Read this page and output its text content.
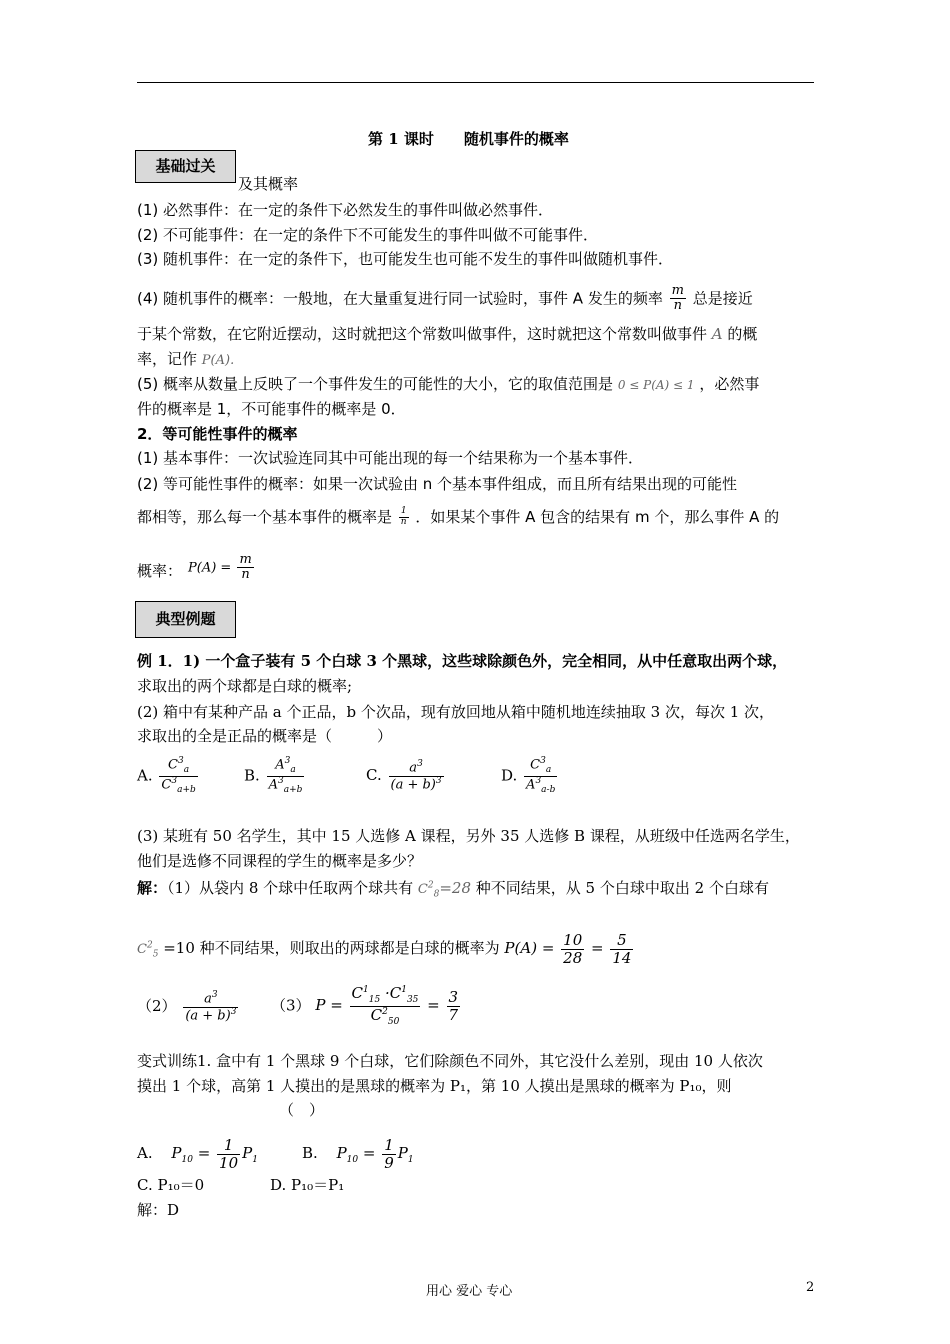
第 1 课时　　随机事件的概率
基础过关
及其概率
(1) 必然事件：在一定的条件下必然发生的事件叫做必然事件．
(2) 不可能事件：在一定的条件下不可能发生的事件叫做不可能事件．
(3) 随机事件：在一定的条件下，也可能发生也可能不发生的事件叫做随机事件．
(4) 随机事件的概率：一般地，在大量重复进行同一试验时，事件 A 发生的频率 $\frac{m}{n}$ 总是接近
于某个常数，在它附近摆动，这时就把这个常数叫做事件，这时就把这个常数叫做事件 A 的概
率，记作 P(A).
(5) 概率从数量上反映了一个事件发生的可能性的大小，它的取值范围是 0 ≤ P(A) ≤ 1 ，必然事
件的概率是 1，不可能事件的概率是 0．
2．等可能性事件的概率
(1) 基本事件：一次试验连同其中可能出现的每一个结果称为一个基本事件．
(2) 等可能性事件的概率：如果一次试验由 n 个基本事件组成，而且所有结果出现的可能性
都相等，那么每一个基本事件的概率是 $\frac{1}{n}$ ．如果某个事件 A 包含的结果有 m 个，那么事件 A 的
概率： $P(A) = \frac{m}{n}$
典型例题
例 1．1) 一个盒子装有 5 个白球 3 个黑球，这些球除颜色外，完全相同，从中任意取出两个球，
求取出的两个球都是白球的概率;
(2) 箱中有某种产品 a 个正品，b 个次品，现有放回地从箱中随机地连续抽取 3 次，每次 1 次，
求取出的全是正品的概率是（　　　）
A. $\frac{C^3_a}{C^3_{a+b}}$	B. $\frac{A^3_a}{A^3_{a+b}}$	C. $\frac{a^3}{(a + b)^3}$	D. $\frac{C^3_a}{A^3_{a-b}}$
(3) 某班有 50 名学生，其中 15 人选修 A 课程，另外 35 人选修 B 课程，从班级中任选两名学生，
他们是选修不同课程的学生的概率是多少？
解：（1）从袋内 8 个球中任取两个球共有 $C^2_8=28$ 种不同结果，从 5 个白球中取出 2 个白球有
$C^2_5 =10$ 种不同结果，则取出的两球都是白球的概率为 $P(A) = \frac{10}{28} = \frac{5}{14}$
$(2) \frac{a^3}{(a + b)^3} (3) P = \frac{C^1_{15} \cdot C^1_{35}}{C^2_{50}} = \frac{3}{7}$
变式训练1. 盒中有 1 个黑球 9 个白球，它们除颜色不同外，其它没什么差别，现由 10 人依次
摸出 1 个球，高第 1 人摸出的是黑球的概率为 P₁，第 10 人摸出是黑球的概率为 P₁₀，则
（　）
A. $P_{10} = \frac{1}{10} P_1$	B. $P_{10} = \frac{1}{9} P_1$
C. P₁₀＝0	D. P₁₀＝P₁
解：D
用心 爱心 专心	2
